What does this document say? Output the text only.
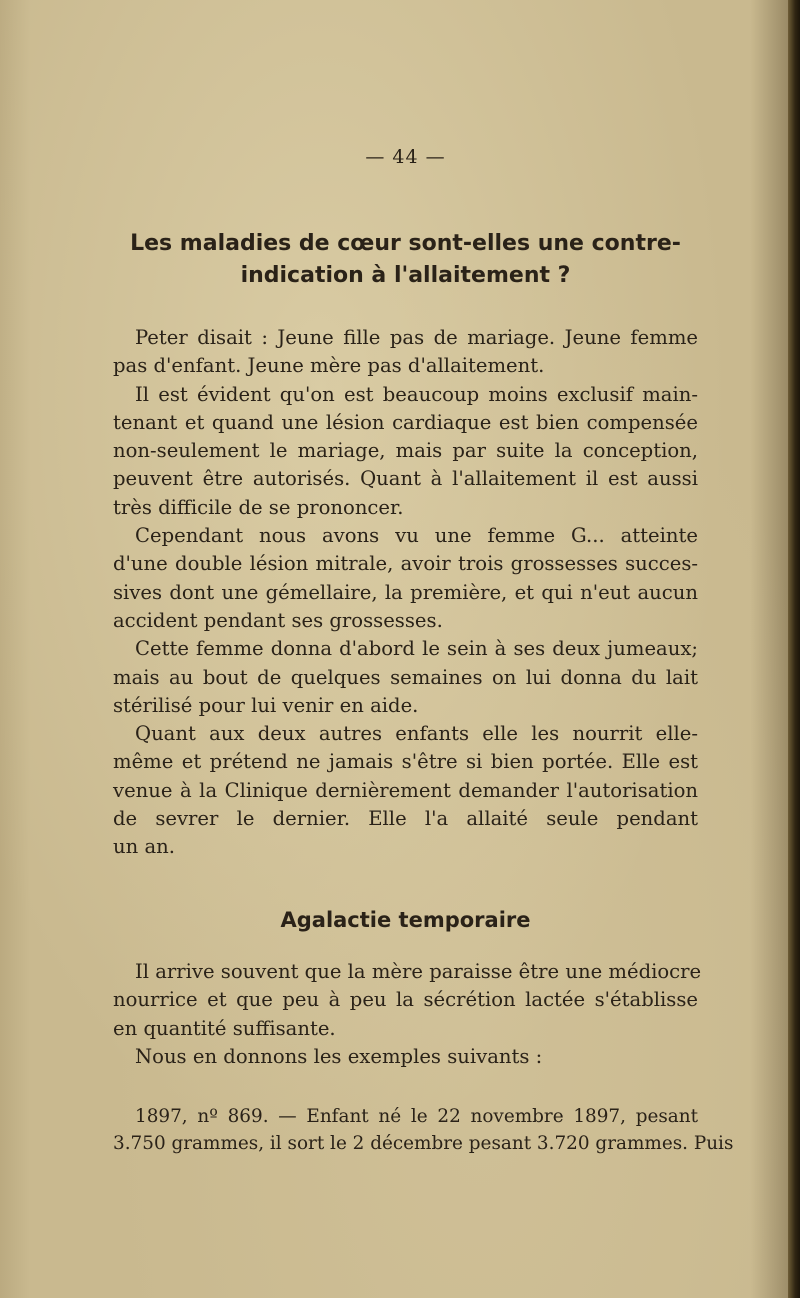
— 44 —
Les maladies de cœur sont-elles une contre-
indication à l'allaitement ?
Peter disait : Jeune fille pas de mariage. Jeune femme
pas d'enfant. Jeune mère pas d'allaitement.
Il est évident qu'on est beaucoup moins exclusif main-
tenant et quand une lésion cardiaque est bien compensée
non-seulement le mariage, mais par suite la conception,
peuvent être autorisés. Quant à l'allaitement il est aussi
très difficile de se prononcer.
Cependant nous avons vu une femme G... atteinte
d'une double lésion mitrale, avoir trois grossesses succes-
sives dont une gémellaire, la première, et qui n'eut aucun
accident pendant ses grossesses.
Cette femme donna d'abord le sein à ses deux jumeaux;
mais au bout de quelques semaines on lui donna du lait
stérilisé pour lui venir en aide.
Quant aux deux autres enfants elle les nourrit elle-
même et prétend ne jamais s'être si bien portée. Elle est
venue à la Clinique dernièrement demander l'autorisation
de sevrer le dernier. Elle l'a allaité seule pendant
un an.
Agalactie temporaire
Il arrive souvent que la mère paraisse être une médiocre
nourrice et que peu à peu la sécrétion lactée s'établisse
en quantité suffisante.
Nous en donnons les exemples suivants :
1897, nº 869. — Enfant né le 22 novembre 1897, pesant
3.750 grammes, il sort le 2 décembre pesant 3.720 grammes. Puis
